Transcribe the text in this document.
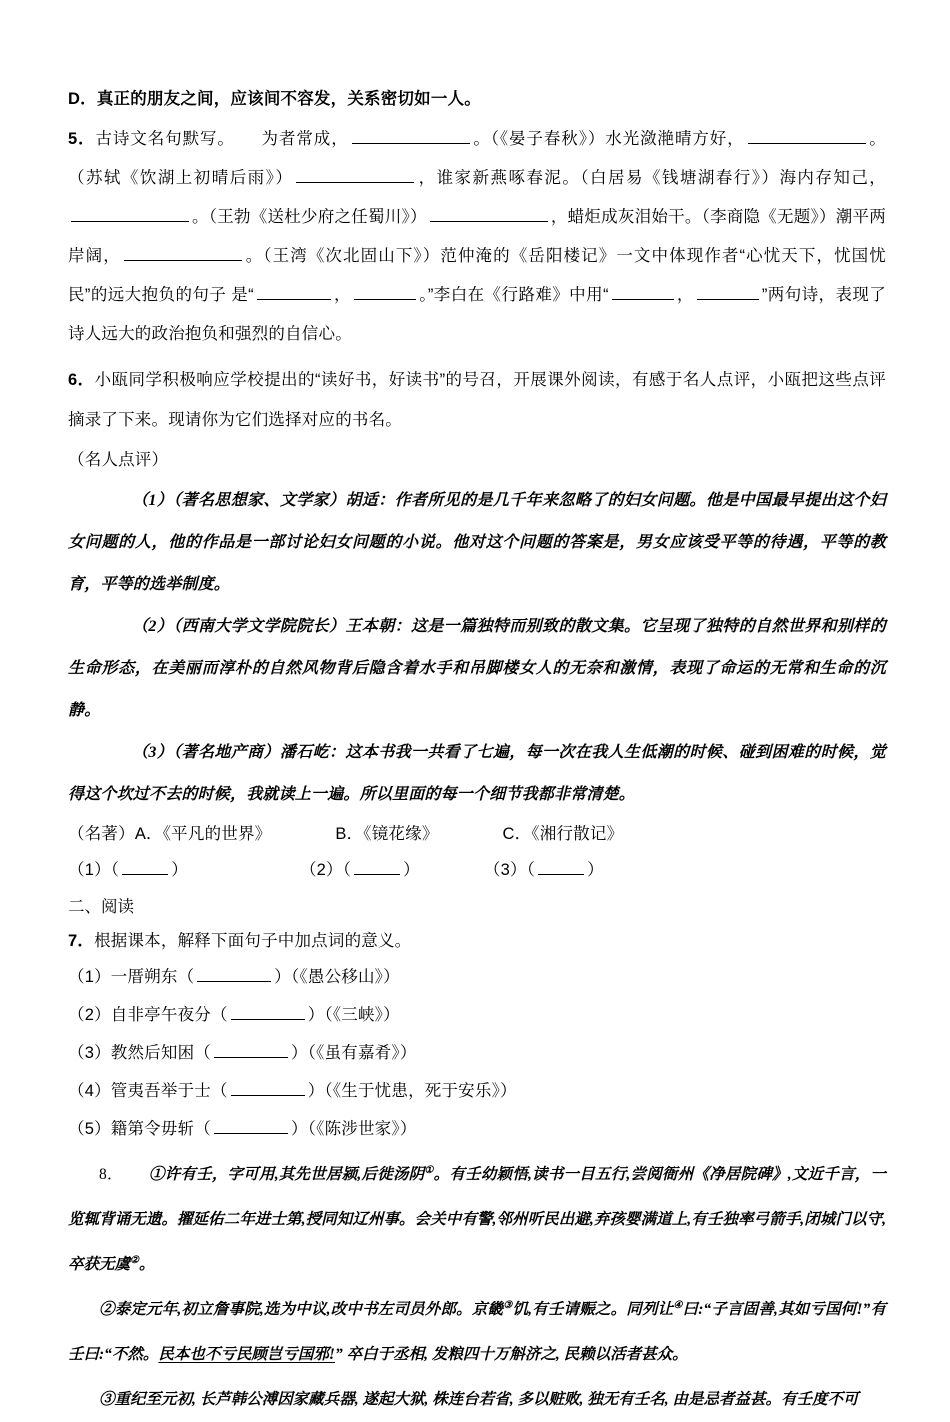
D．真正的朋友之间，应该间不容发，关系密切如一人。

5．古诗文名句默写。 为者常成，	。（《晏子春秋》）水光潋滟晴方好，	。（苏轼《饮湖上初晴后雨》）	，谁家新燕啄春泥。（白居易《钱塘湖春行》）海内存知己，。（王勃《送杜少府之任蜀川》）	，蜡炬成灰泪始干。（李商隐《无题》）潮平两岸阔，	。（王湾《次北固山下》）范仲淹的《岳阳楼记》一文中体现作者“心忧天下，忧国忧民”的远大抱负的句子 是“	，	。”李白在《行路难》中用“	，	”两句诗，表现了诗人远大的政治抱负和强烈的自信心。

6．小瓯同学积极响应学校提出的“读好书，好读书”的号召，开展课外阅读，有感于名人点评，小瓯把这些点评摘录了下来。现请你为它们选择对应的书名。

（名人点评）

（1）（著名思想家、文学家）胡适：作者所见的是几千年来忽略了的妇女问题。他是中国最早提出这个妇女问题的人，他的作品是一部讨论妇女问题的小说。他对这个问题的答案是，男女应该受平等的待遇，平等的教育，平等的选举制度。

（2）（西南大学文学院院长）王本朝：这是一篇独特而别致的散文集。它呈现了独特的自然世界和别样的生命形态，在美丽而淳朴的自然风物背后隐含着水手和吊脚楼女人的无奈和激情，表现了命运的无常和生命的沉静。

（3）（著名地产商）潘石屹：这本书我一共看了七遍，每一次在我人生低潮的时候、碰到困难的时候，觉得这个坎过不去的时候，我就读上一遍。所以里面的每一个细节我都非常清楚。

（名著）A．《平凡的世界》	B．《镜花缘》	C．《湘行散记》

（1）（	）	（2）（	）	（3）（	）

二、阅读

7．根据课本，解释下面句子中加点词的意义。

（1）一厝朔东（	）（《愚公移山》）

（2）自非亭午夜分（	）（《三峡》）

（3）教然后知困（	）（《虽有嘉肴》）

（4）管夷吾举于士（	）（《生于忧患，死于安乐》）

（5）籍第令毋斩（	）（《陈涉世家》）

8． ①许有壬，字可用,其先世居颍,后徙汤阴①。有壬幼颖悟,读书一目五行,尝阅衙州《净居院碑》,文近千言，一览辄背诵无遗。擢延佑二年进士第,授同知辽州事。会关中有警,邻州听民出避,弃孩婴满道上,有壬独率弓箭手,闭城门以守,卒获无虞②。

②泰定元年,初立詹事院,选为中议,改中书左司员外郎。京畿③饥,有壬请赈之。同列让④曰:“子言固善,其如亏国何!”有壬曰:“不然。民本也不亏民顾岂亏国邪!” 卒白于丞相, 发粮四十万斛济之, 民赖以活者甚众。

③重纪至元初, 长芦韩公溥因家藏兵器, 遂起大狱, 株连台若省, 多以赃败, 独无有壬名, 由是忌者益甚。有壬度不可
